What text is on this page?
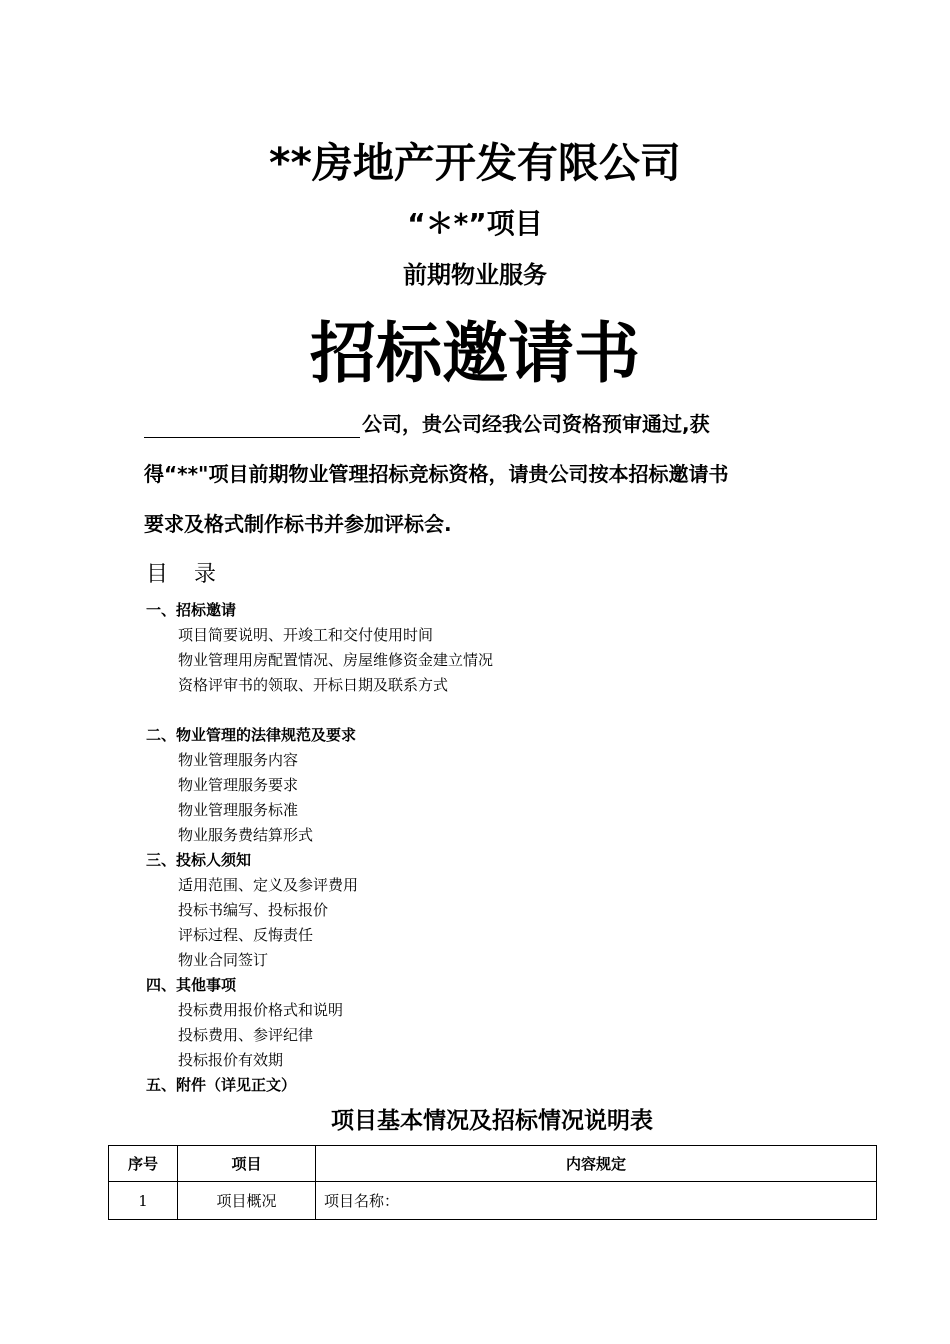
**房地产开发有限公司
“＊*”项目
前期物业服务
招标邀请书
公司，贵公司经我公司资格预审通过,获
得“**"项目前期物业管理招标竞标资格，请贵公司按本招标邀请书
要求及格式制作标书并参加评标会.
目录
一、招标邀请
项目简要说明、开竣工和交付使用时间
物业管理用房配置情况、房屋维修资金建立情况
资格评审书的领取、开标日期及联系方式
二、物业管理的法律规范及要求
物业管理服务内容
物业管理服务要求
物业管理服务标准
物业服务费结算形式
三、投标人须知
适用范围、定义及参评费用
投标书编写、投标报价
评标过程、反悔责任
物业合同签订
四、其他事项
投标费用报价格式和说明
投标费用、参评纪律
投标报价有效期
五、附件（详见正文）
项目基本情况及招标情况说明表
序号	项目	内容规定
1	项目概况	项目名称：
